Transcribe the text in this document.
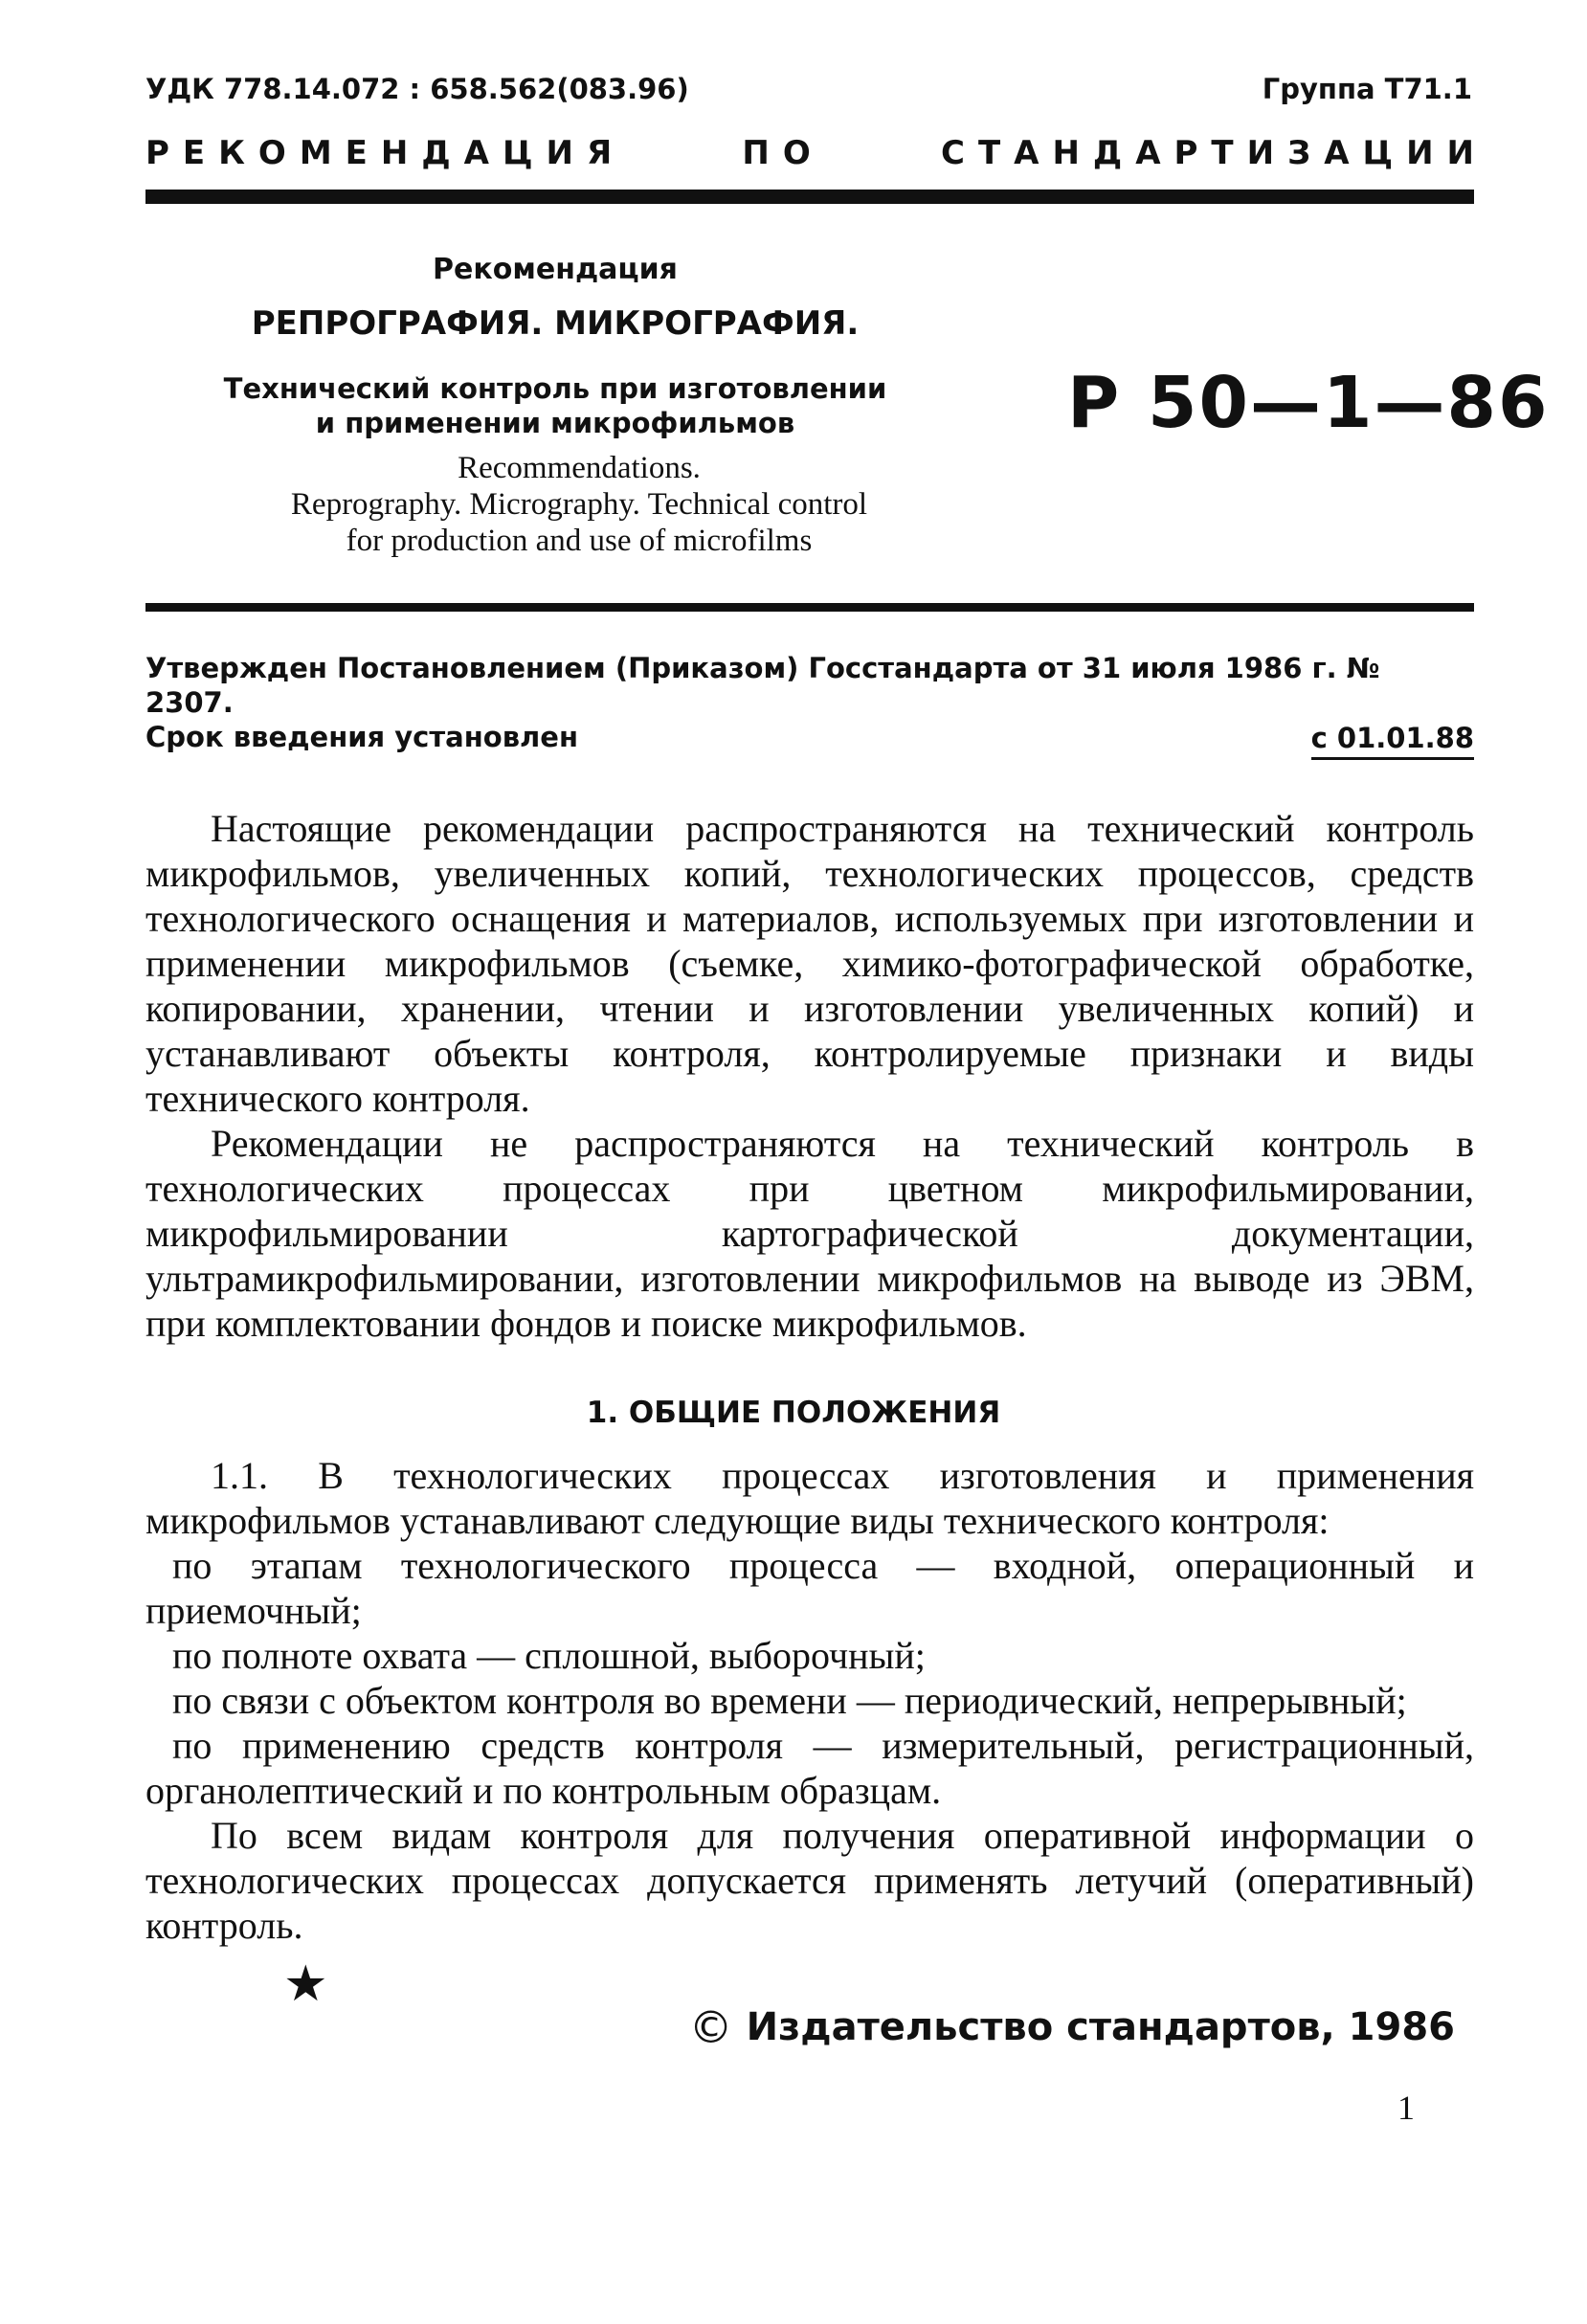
УДК 778.14.072 : 658.562(083.96)	Группа Т71.1
РЕКОМЕНДАЦИЯ	ПО	СТАНДАРТИЗАЦИИ
Рекомендация
РЕПРОГРАФИЯ. МИКРОГРАФИЯ.
Технический контроль при изготовлении
и применении микрофильмов	Р 50—1—86
Recommendations.
Reprography. Micrography. Technical control
for production and use of microfilms
Утвержден Постановлением (Приказом) Госстандарта от 31 июля 1986 г. № 2307.
Срок введения установлен	с 01.01.88

Настоящие рекомендации распространяются на технический контроль микрофильмов, увеличенных копий, технологических процессов, средств технологического оснащения и материалов, используемых при изготовлении и применении микрофильмов (съемке, химико-фотографической обработке, копировании, хранении, чтении и изготовлении увеличенных копий) и устанавливают объекты контроля, контролируемые признаки и виды технического контроля.

Рекомендации не распространяются на технический контроль в технологических процессах при цветном микрофильмировании, микрофильмировании картографической документации, ультрамикрофильмировании, изготовлении микрофильмов на выводе из ЭВМ, при комплектовании фондов и поиске микрофильмов.

1. ОБЩИЕ ПОЛОЖЕНИЯ

1.1. В технологических процессах изготовления и применения микрофильмов устанавливают следующие виды технического контроля:

по этапам технологического процесса — входной, операционный и приемочный;

по полноте охвата — сплошной, выборочный;

по связи с объектом контроля во времени — периодический, непрерывный;

по применению средств контроля — измерительный, регистрационный, органолептический и по контрольным образцам.

По всем видам контроля для получения оперативной информации о технологических процессах допускается применять летучий (оперативный) контроль.

★
© Издательство стандартов, 1986
1
